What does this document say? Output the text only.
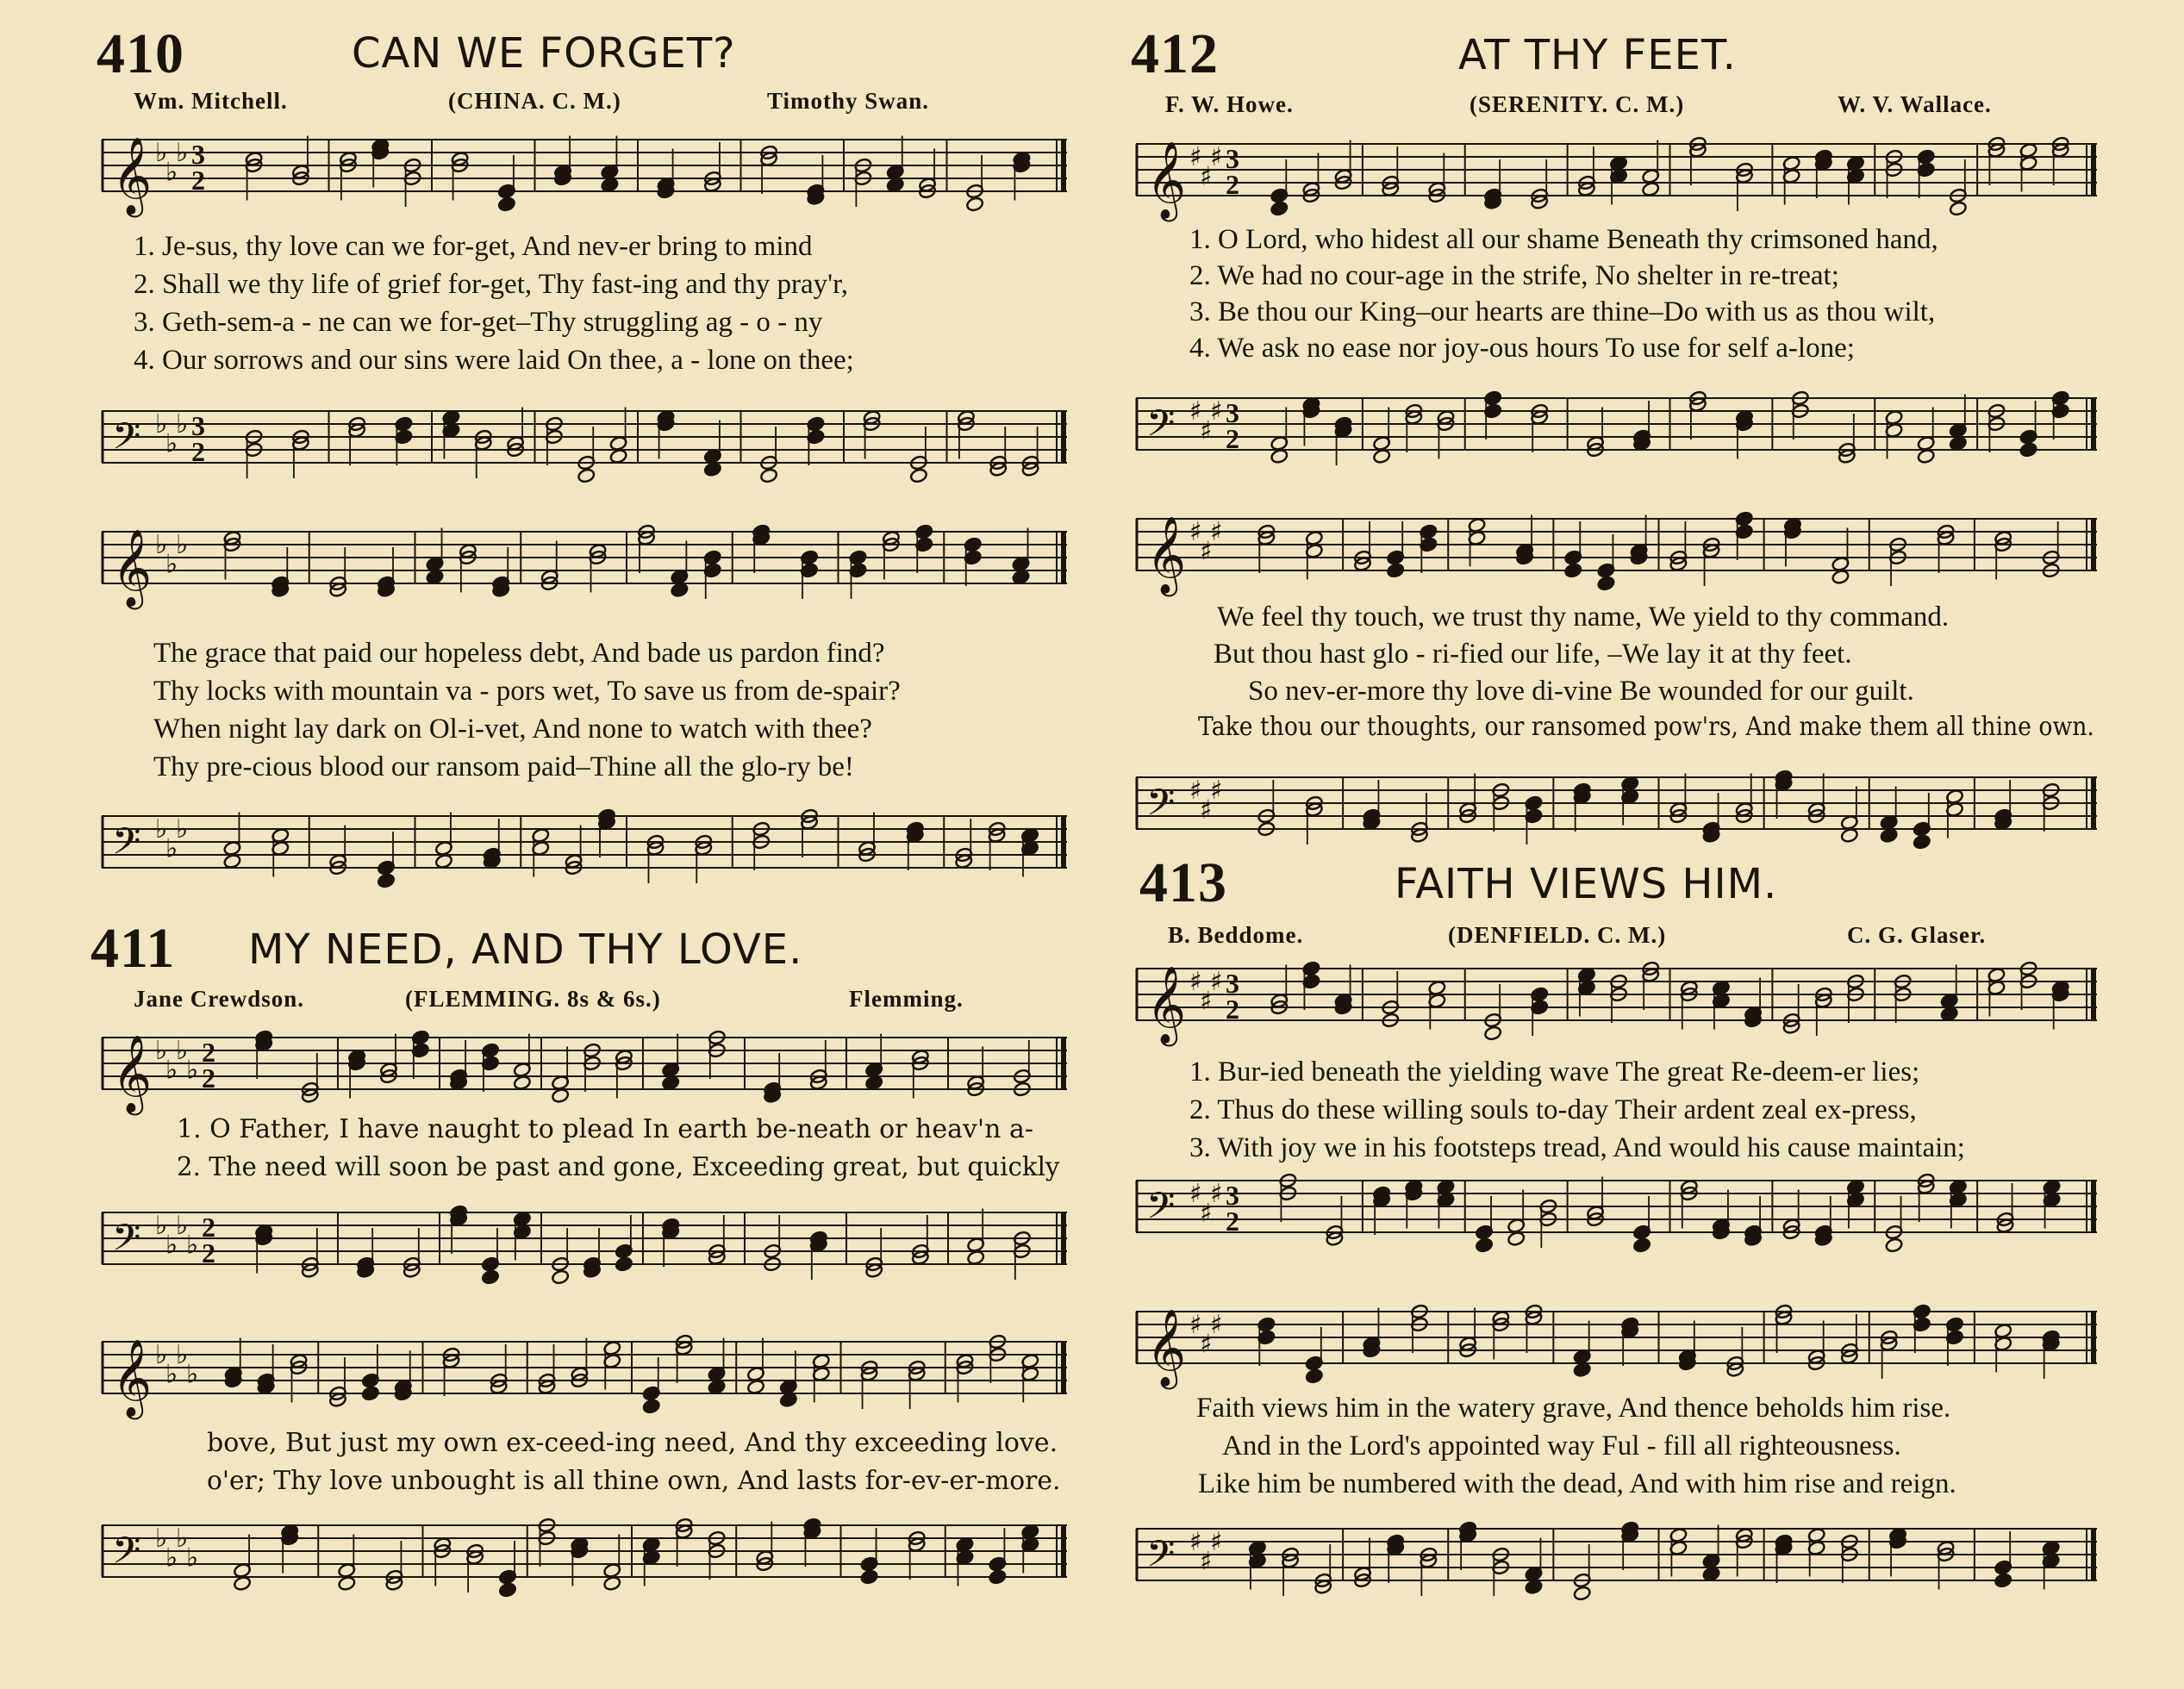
410	CAN WE FORGET?
Wm. Mitchell.	(CHINA. C. M.)	Timothy Swan.
𝄞 ♭
♭
♭ 3
2
1. Je-sus, thy love can we for-get, And nev-er bring to mind
2. Shall we thy life of grief for-get, Thy fast-ing and thy pray'r,
3. Geth-sem-a - ne can we for-get–Thy struggling ag - o - ny
4. Our sorrows and our sins were laid On thee, a - lone on thee;
𝄢 ♭
♭
♭ 3
2
𝄞 ♭
♭
♭
The grace that paid our hopeless debt, And bade us pardon find?
Thy locks with mountain va - pors wet, To save us from de-spair?
When night lay dark on Ol-i-vet, And none to watch with thee?
Thy pre-cious blood our ransom paid–Thine all the glo-ry be!
𝄢 ♭
♭
♭
411 MY NEED, AND THY LOVE.
Jane Crewdson.	(FLEMMING. 8s & 6s.)	Flemming.
𝄞 ♭
♭
♭
♭
2
2
1. O Father, I have naught to plead In earth be-neath or heav'n a-
2. The need will soon be past and gone, Exceeding great, but quickly
𝄢 ♭
♭
♭
♭
2
2
𝄞 ♭
♭
♭
♭
bove, But just my own ex-ceed-ing need, And thy exceeding love.
o'er; Thy love unbought is all thine own, And lasts for-ev-er-more.
𝄢 ♭
♭
♭
♭
412	AT THY FEET.
F. W. Howe.	(SERENITY. C. M.)	W. V. Wallace.
𝄞 ♯
♯
♯ 3
2
1. O Lord, who hidest all our shame Beneath thy crimsoned hand,
2. We had no cour-age in the strife, No shelter in re-treat;
3. Be thou our King–our hearts are thine–Do with us as thou wilt,
4. We ask no ease nor joy-ous hours To use for self a-lone;
𝄢 ♯
♯
♯ 3
2
𝄞 ♯
♯
♯
We feel thy touch, we trust thy name, We yield to thy command.
But thou hast glo - ri-fied our life, –We lay it at thy feet.
So nev-er-more thy love di-vine Be wounded for our guilt.
Take thou our thoughts, our ransomed pow'rs, And make them all thine own.
𝄢 ♯
♯
♯
413	FAITH VIEWS HIM.
B. Beddome.	(DENFIELD. C. M.)	C. G. Glaser.
𝄞 ♯
♯
♯ 3
2
1. Bur-ied beneath the yielding wave The great Re-deem-er lies;
2. Thus do these willing souls to-day Their ardent zeal ex-press,
3. With joy we in his footsteps tread, And would his cause maintain;
𝄢 ♯
♯
♯ 3
2
𝄞 ♯
♯
♯
Faith views him in the watery grave, And thence beholds him rise.
And in the Lord's appointed way Ful - fill all righteousness.
Like him be numbered with the dead, And with him rise and reign.
𝄢 ♯
♯
♯
